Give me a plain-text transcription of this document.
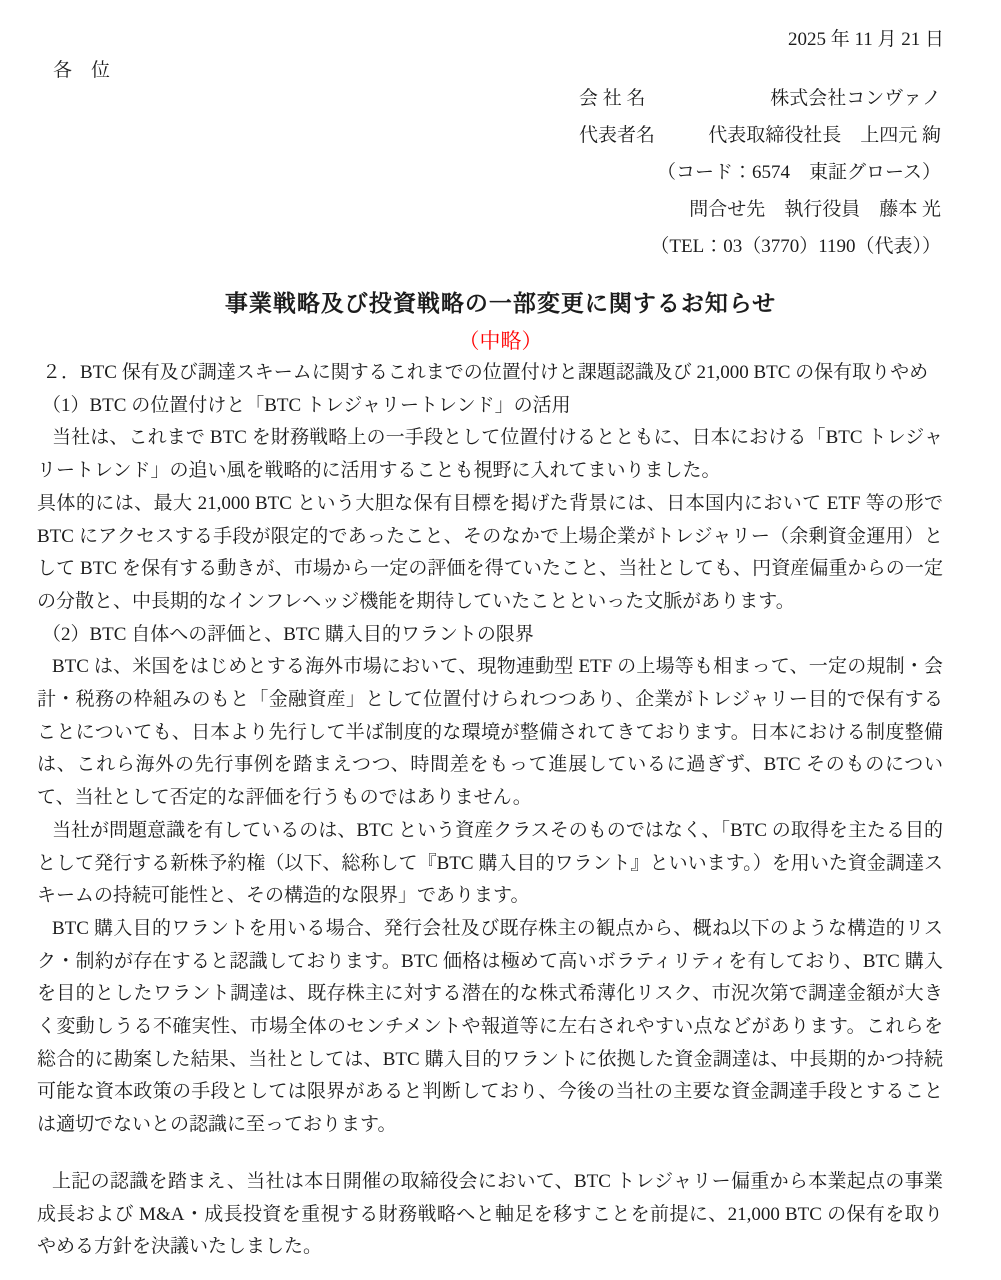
2025 年 11 月 21 日
各　位
会 社 名	株式会社コンヴァノ
代表者名	代表取締役社長　上四元 絢
（コード：6574　東証グロース）
問合せ先　執行役員　藤本 光
（TEL：03（3770）1190（代表））
事業戦略及び投資戦略の一部変更に関するお知らせ
（中略）
２．BTC 保有及び調達スキームに関するこれまでの位置付けと課題認識及び 21,000 BTC の保有取りやめ
（1）BTC の位置付けと「BTC トレジャリートレンド」の活用

当社は、これまで BTC を財務戦略上の一手段として位置付けるとともに、日本における「BTC トレジャリートレンド」の追い風を戦略的に活用することも視野に入れてまいりました。

具体的には、最大 21,000 BTC という大胆な保有目標を掲げた背景には、日本国内において ETF 等の形で BTC にアクセスする手段が限定的であったこと、そのなかで上場企業がトレジャリー（余剰資金運用）として BTC を保有する動きが、市場から一定の評価を得ていたこと、当社としても、円資産偏重からの一定の分散と、中長期的なインフレヘッジ機能を期待していたことといった文脈があります。

（2）BTC 自体への評価と、BTC 購入目的ワラントの限界

BTC は、米国をはじめとする海外市場において、現物連動型 ETF の上場等も相まって、一定の規制・会計・税務の枠組みのもと「金融資産」として位置付けられつつあり、企業がトレジャリー目的で保有することについても、日本より先行して半ば制度的な環境が整備されてきております。日本における制度整備は、これら海外の先行事例を踏まえつつ、時間差をもって進展しているに過ぎず、BTC そのものについて、当社として否定的な評価を行うものではありません。

当社が問題意識を有しているのは、BTC という資産クラスそのものではなく、「BTC の取得を主たる目的として発行する新株予約権（以下、総称して『BTC 購入目的ワラント』といいます。）を用いた資金調達スキームの持続可能性と、その構造的な限界」であります。

BTC 購入目的ワラントを用いる場合、発行会社及び既存株主の観点から、概ね以下のような構造的リスク・制約が存在すると認識しております。BTC 価格は極めて高いボラティリティを有しており、BTC 購入を目的としたワラント調達は、既存株主に対する潜在的な株式希薄化リスク、市況次第で調達金額が大きく変動しうる不確実性、市場全体のセンチメントや報道等に左右されやすい点などがあります。これらを総合的に勘案した結果、当社としては、BTC 購入目的ワラントに依拠した資金調達は、中長期的かつ持続可能な資本政策の手段としては限界があると判断しており、今後の当社の主要な資金調達手段とすることは適切でないとの認識に至っております。

上記の認識を踏まえ、当社は本日開催の取締役会において、BTC トレジャリー偏重から本業起点の事業成長および M&A・成長投資を重視する財務戦略へと軸足を移すことを前提に、21,000 BTC の保有を取りやめる方針を決議いたしました。
